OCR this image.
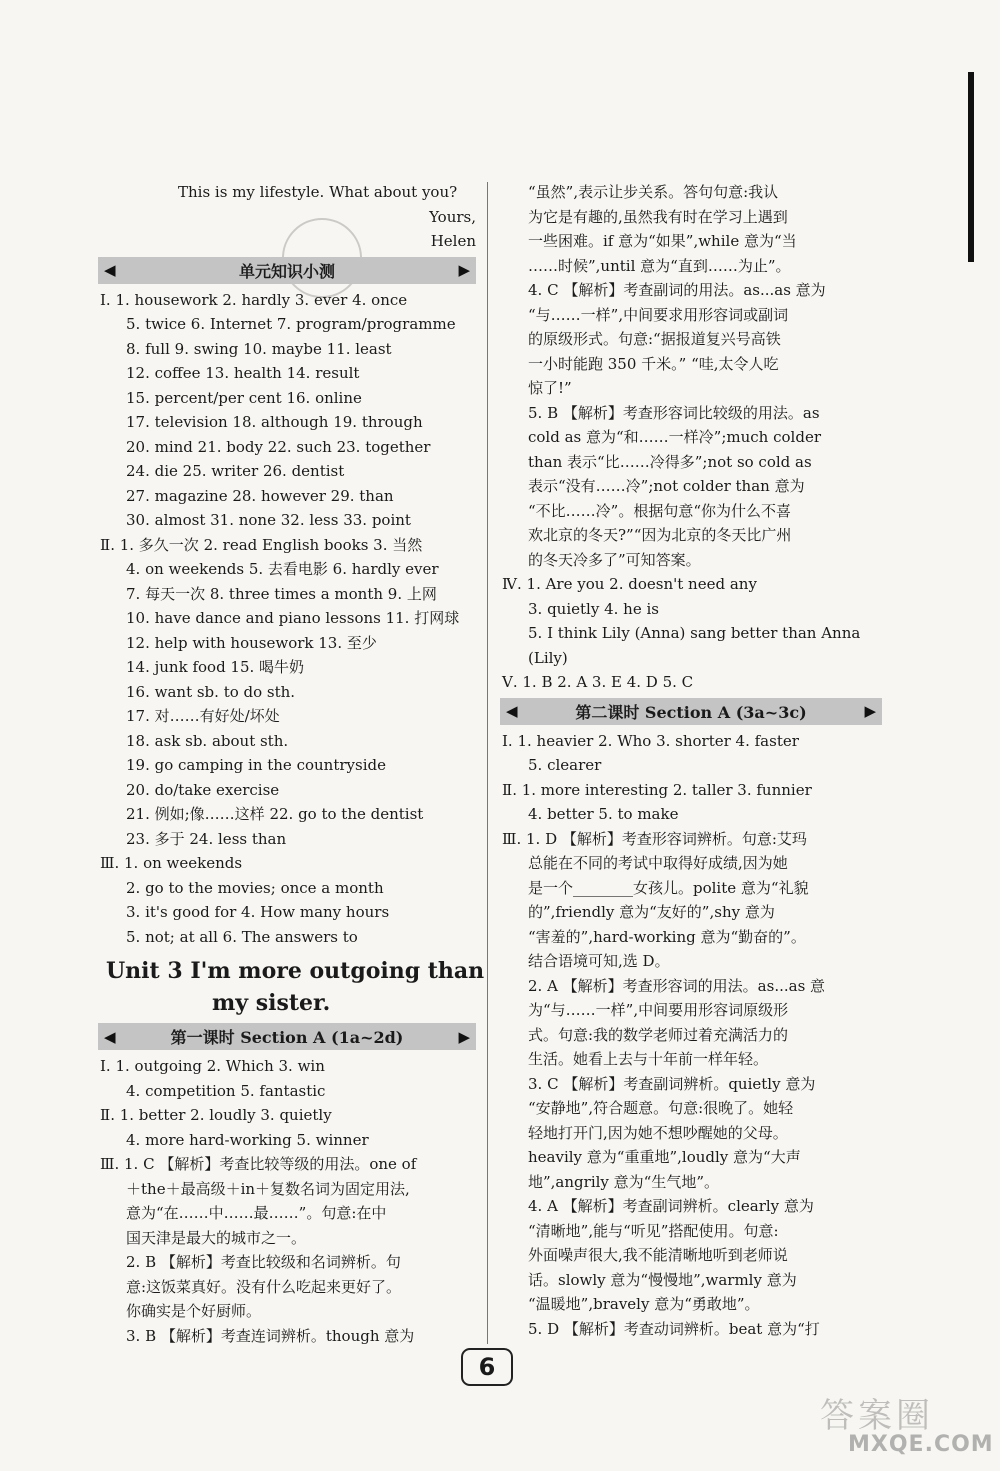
This is my lifestyle. What about you?
Yours,
Helen
◀	单元知识小测	▶
Ⅰ. 1. housework 2. hardly 3. ever 4. once
5. twice 6. Internet 7. program/programme
8. full 9. swing 10. maybe 11. least
12. coffee 13. health 14. result
15. percent/per cent 16. online
17. television 18. although 19. through
20. mind 21. body 22. such 23. together
24. die 25. writer 26. dentist
27. magazine 28. however 29. than
30. almost 31. none 32. less 33. point
Ⅱ. 1. 多久一次 2. read English books 3. 当然
4. on weekends 5. 去看电影 6. hardly ever
7. 每天一次 8. three times a month 9. 上网
10. have dance and piano lessons 11. 打网球
12. help with housework 13. 至少
14. junk food 15. 喝牛奶
16. want sb. to do sth.
17. 对……有好处/坏处
18. ask sb. about sth.
19. go camping in the countryside
20. do/take exercise
21. 例如;像……这样 22. go to the dentist
23. 多于 24. less than
Ⅲ. 1. on weekends
2. go to the movies; once a month
3. it's good for 4. How many hours
5. not; at all 6. The answers to
Unit 3 I'm more outgoing than
my sister.
◀	第一课时 Section A (1a~2d)	▶
Ⅰ. 1. outgoing 2. Which 3. win
4. competition 5. fantastic
Ⅱ. 1. better 2. loudly 3. quietly
4. more hard-working 5. winner
Ⅲ. 1. C 【解析】考查比较等级的用法。one of
＋the＋最高级＋in＋复数名词为固定用法,
意为“在……中……最……”。句意:在中
国天津是最大的城市之一。
2. B 【解析】考查比较级和名词辨析。句
意:这饭菜真好。没有什么吃起来更好了。
你确实是个好厨师。
3. B 【解析】考查连词辨析。though 意为
“虽然”,表示让步关系。答句句意:我认
为它是有趣的,虽然我有时在学习上遇到
一些困难。if 意为“如果”,while 意为“当
……时候”,until 意为“直到……为止”。
4. C 【解析】考查副词的用法。as...as 意为
“与……一样”,中间要求用形容词或副词
的原级形式。句意:“据报道复兴号高铁
一小时能跑 350 千米。” “哇,太令人吃
惊了!”
5. B 【解析】考查形容词比较级的用法。as
cold as 意为“和……一样冷”;much colder
than 表示“比……冷得多”;not so cold as
表示“没有……冷”;not colder than 意为
“不比……冷”。根据句意“你为什么不喜
欢北京的冬天?”“因为北京的冬天比广州
的冬天冷多了”可知答案。
Ⅳ. 1. Are you 2. doesn't need any
3. quietly 4. he is
5. I think Lily (Anna) sang better than Anna
(Lily)
Ⅴ. 1. B 2. A 3. E 4. D 5. C
◀	第二课时 Section A (3a~3c)	▶
Ⅰ. 1. heavier 2. Who 3. shorter 4. faster
5. clearer
Ⅱ. 1. more interesting 2. taller 3. funnier
4. better 5. to make
Ⅲ. 1. D 【解析】考查形容词辨析。句意:艾玛
总能在不同的考试中取得好成绩,因为她
是一个________女孩儿。polite 意为“礼貌
的”,friendly 意为“友好的”,shy 意为
“害羞的”,hard-working 意为“勤奋的”。
结合语境可知,选 D。
2. A 【解析】考查形容词的用法。as...as 意
为“与……一样”,中间要用形容词原级形
式。句意:我的数学老师过着充满活力的
生活。她看上去与十年前一样年轻。
3. C 【解析】考查副词辨析。quietly 意为
“安静地”,符合题意。句意:很晚了。她轻
轻地打开门,因为她不想吵醒她的父母。
heavily 意为“重重地”,loudly 意为“大声
地”,angrily 意为“生气地”。
4. A 【解析】考查副词辨析。clearly 意为
“清晰地”,能与“听见”搭配使用。句意:
外面噪声很大,我不能清晰地听到老师说
话。slowly 意为“慢慢地”,warmly 意为
“温暖地”,bravely 意为“勇敢地”。
5. D 【解析】考查动词辨析。beat 意为“打
6
答案圈
MXQE.COM
